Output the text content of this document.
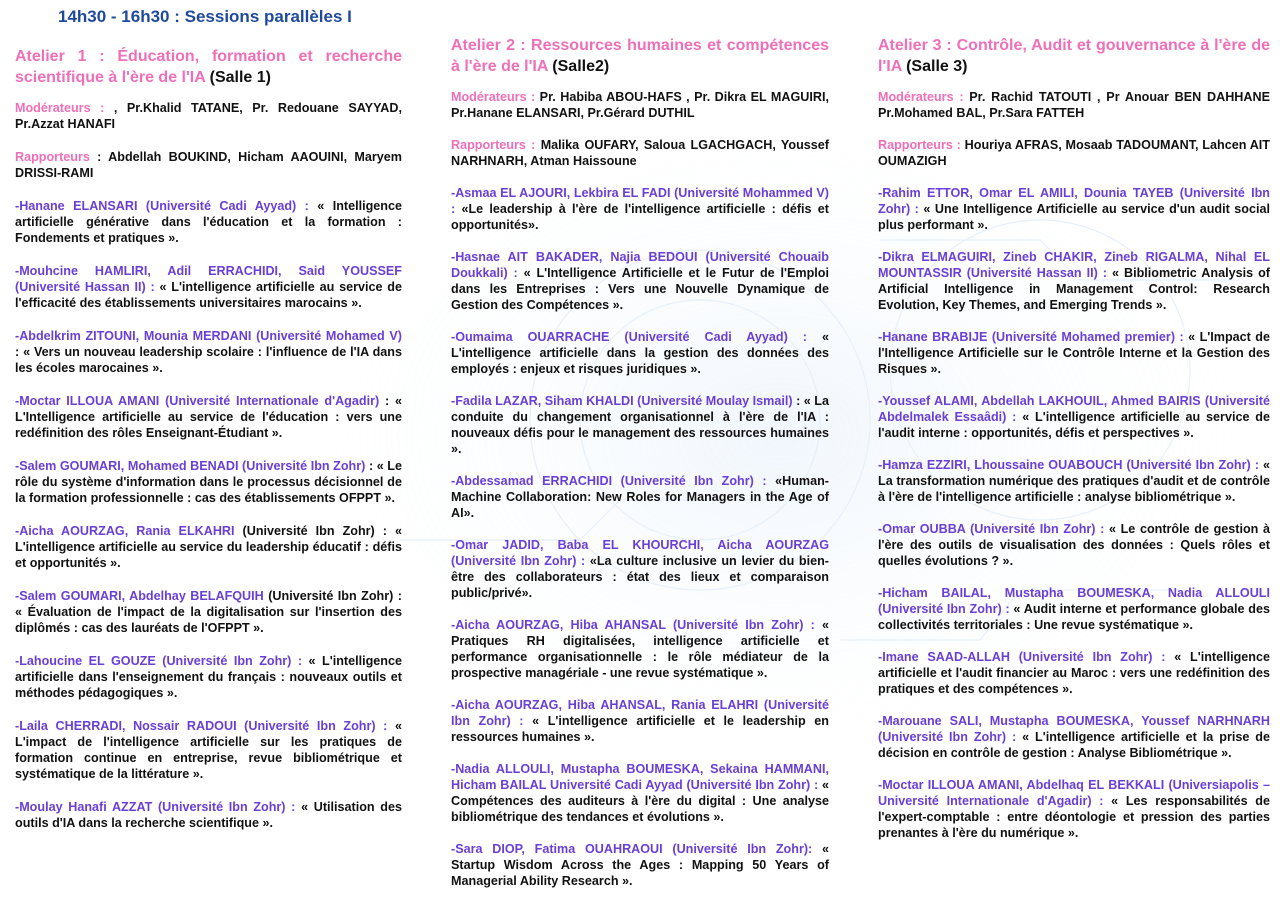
14h30 - 16h30 : Sessions parallèles I

Atelier 1 : Éducation, formation et recherche scientifique à l'ère de l'IA (Salle 1)

Modérateurs : , Pr.Khalid TATANE, Pr. Redouane SAYYAD, Pr.Azzat HANAFI

Rapporteurs : Abdellah BOUKIND, Hicham AAOUINI, Maryem DRISSI-RAMI

-Hanane ELANSARI (Université Cadi Ayyad) : « Intelligence artificielle générative dans l'éducation et la formation : Fondements et pratiques ».

-Mouhcine HAMLIRI, Adil ERRACHIDI, Said YOUSSEF (Université Hassan II) : « L'intelligence artificielle au service de l'efficacité des établissements universitaires marocains ».

-Abdelkrim ZITOUNI, Mounia MERDANI (Université Mohamed V) : « Vers un nouveau leadership scolaire : l'influence de l'IA dans les écoles marocaines ».

-Moctar ILLOUA AMANI (Université Internationale d'Agadir) : « L'Intelligence artificielle au service de l'éducation : vers une redéfinition des rôles Enseignant-Étudiant ».

-Salem GOUMARI, Mohamed BENADI (Université Ibn Zohr) : « Le rôle du système d'information dans le processus décisionnel de la formation professionnelle : cas des établissements OFPPT ».

-Aicha AOURZAG, Rania ELKAHRI (Université Ibn Zohr) : « L'intelligence artificielle au service du leadership éducatif : défis et opportunités ».

-Salem GOUMARI, Abdelhay BELAFQUIH (Université Ibn Zohr) : « Évaluation de l'impact de la digitalisation sur l'insertion des diplômés : cas des lauréats de l'OFPPT ».

-Lahoucine EL GOUZE (Université Ibn Zohr) : « L'intelligence artificielle dans l'enseignement du français : nouveaux outils et méthodes pédagogiques ».

-Laila CHERRADI, Nossair RADOUI (Université Ibn Zohr) : « L'impact de l'intelligence artificielle sur les pratiques de formation continue en entreprise, revue bibliométrique et systématique de la littérature ».

-Moulay Hanafi AZZAT (Université Ibn Zohr) : « Utilisation des outils d'IA dans la recherche scientifique ».

Atelier 2 : Ressources humaines et compétences à l'ère de l'IA (Salle2)

Modérateurs : Pr. Habiba ABOU-HAFS , Pr. Dikra EL MAGUIRI, Pr.Hanane ELANSARI, Pr.Gérard DUTHIL

Rapporteurs : Malika OUFARY, Saloua LGACHGACH, Youssef NARHNARH, Atman Haissoune

-Asmaa EL AJOURI, Lekbira EL FADI (Université Mohammed V) : «Le leadership à l'ère de l'intelligence artificielle : défis et opportunités».

-Hasnae AIT BAKADER, Najia BEDOUI (Université Chouaib Doukkali) : « L'Intelligence Artificielle et le Futur de l'Emploi dans les Entreprises : Vers une Nouvelle Dynamique de Gestion des Compétences ».

-Oumaima OUARRACHE (Université Cadi Ayyad) : « L'intelligence artificielle dans la gestion des données des employés : enjeux et risques juridiques ».

-Fadila LAZAR, Siham KHALDI (Université Moulay Ismail) : « La conduite du changement organisationnel à l'ère de l'IA : nouveaux défis pour le management des ressources humaines ».

-Abdessamad ERRACHIDI (Université Ibn Zohr) : «Human-Machine Collaboration: New Roles for Managers in the Age of AI».

-Omar JADID, Baba EL KHOURCHI, Aicha AOURZAG (Université Ibn Zohr) : «La culture inclusive un levier du bien-être des collaborateurs : état des lieux et comparaison public/privé».

-Aicha AOURZAG, Hiba AHANSAL (Université Ibn Zohr) : « Pratiques RH digitalisées, intelligence artificielle et performance organisationnelle : le rôle médiateur de la prospective managériale - une revue systématique ».

-Aicha AOURZAG, Hiba AHANSAL, Rania ELAHRI (Université Ibn Zohr) : « L'intelligence artificielle et le leadership en ressources humaines ».

-Nadia ALLOULI, Mustapha BOUMESKA, Sekaina HAMMANI, Hicham BAILAL Université Cadi Ayyad (Université Ibn Zohr) : « Compétences des auditeurs à l'ère du digital : Une analyse bibliométrique des tendances et évolutions ».

-Sara DIOP, Fatima OUAHRAOUI (Université Ibn Zohr): « Startup Wisdom Across the Ages : Mapping 50 Years of Managerial Ability Research ».

Atelier 3 : Contrôle, Audit et gouvernance à l'ère de l'IA (Salle 3)

Modérateurs : Pr. Rachid TATOUTI , Pr Anouar BEN DAHHANE Pr.Mohamed BAL, Pr.Sara FATTEH

Rapporteurs : Houriya AFRAS, Mosaab TADOUMANT, Lahcen AIT OUMAZIGH

-Rahim ETTOR, Omar EL AMILI, Dounia TAYEB (Université Ibn Zohr) : « Une Intelligence Artificielle au service d'un audit social plus performant ».

-Dikra ELMAGUIRI, Zineb CHAKIR, Zineb RIGALMA, Nihal EL MOUNTASSIR (Université Hassan II) : « Bibliometric Analysis of Artificial Intelligence in Management Control: Research Evolution, Key Themes, and Emerging Trends ».

-Hanane BRABIJE (Université Mohamed premier) : « L'Impact de l'Intelligence Artificielle sur le Contrôle Interne et la Gestion des Risques ».

-Youssef ALAMI, Abdellah LAKHOUIL, Ahmed BAIRIS (Université Abdelmalek Essaâdi) : « L'intelligence artificielle au service de l'audit interne : opportunités, défis et perspectives ».

-Hamza EZZIRI, Lhoussaine OUABOUCH (Université Ibn Zohr) : « La transformation numérique des pratiques d'audit et de contrôle à l'ère de l'intelligence artificielle : analyse bibliométrique ».

-Omar OUBBA (Université Ibn Zohr) : « Le contrôle de gestion à l'ère des outils de visualisation des données : Quels rôles et quelles évolutions ? ».

-Hicham BAILAL, Mustapha BOUMESKA, Nadia ALLOULI (Université Ibn Zohr) : « Audit interne et performance globale des collectivités territoriales : Une revue systématique ».

-Imane SAAD-ALLAH (Université Ibn Zohr) : « L'intelligence artificielle et l'audit financier au Maroc : vers une redéfinition des pratiques et des compétences ».

-Marouane SALI, Mustapha BOUMESKA, Youssef NARHNARH (Université Ibn Zohr) : « L'intelligence artificielle et la prise de décision en contrôle de gestion : Analyse Bibliométrique ».

-Moctar ILLOUA AMANI, Abdelhaq EL BEKKALI (Universiapolis – Université Internationale d'Agadir) : « Les responsabilités de l'expert-comptable : entre déontologie et pression des parties prenantes à l'ère du numérique ».
